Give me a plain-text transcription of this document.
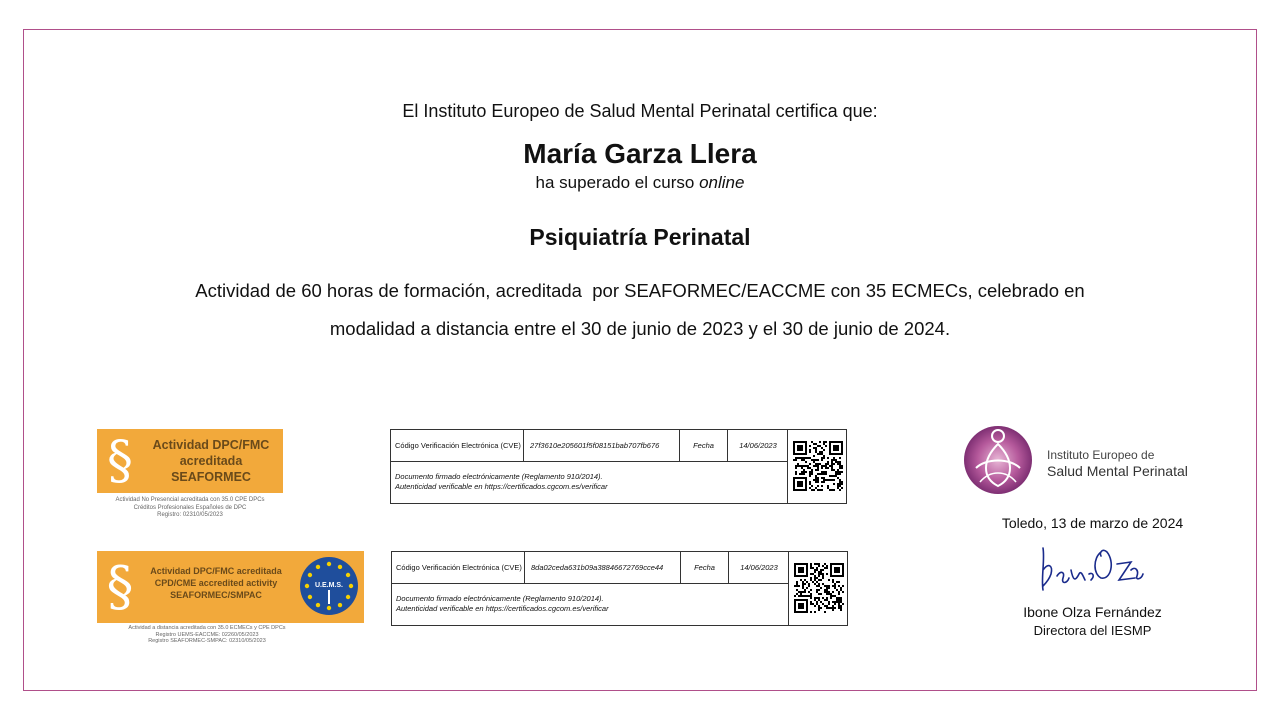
El Instituto Europeo de Salud Mental Perinatal certifica que:
María Garza Llera
ha superado el curso online
Psiquiatría Perinatal
Actividad de 60 horas de formación, acreditada  por SEAFORMEC/EACCME con 35 ECMECs, celebrado en
modalidad a distancia entre el 30 de junio de 2023 y el 30 de junio de 2024.
§	Actividad DPC/FMC
acreditada
SEAFORMEC
Actividad No Presencial acreditada con 35.0 CPE DPCs
Créditos Profesionales Españoles de DPC
Registro: 02310/05/2023
§	Actividad DPC/FMC acreditada
CPD/CME accredited activity
SEAFORMEC/SMPAC
U.E.M.S.
Actividad a distancia acreditada con 35.0 ECMECs y CPE DPCs
Registro UEMS-EACCME: 02260/05/2023
Registro SEAFORMEC-SMPAC: 02310/05/2023
Código Verificación Electrónica (CVE)	27f3610e205601f5f08151bab707fb676	Fecha	14/06/2023
Documento firmado electrónicamente (Reglamento 910/2014).
Autenticidad verificable en https://certificados.cgcom.es/verificar
Código Verificación Electrónica (CVE)	8da02ceda631b09a38846672769cce44	Fecha	14/06/2023
Documento firmado electrónicamente (Reglamento 910/2014).
Autenticidad verificable en https://certificados.cgcom.es/verificar
Instituto Europeo de
Salud Mental Perinatal
Toledo, 13 de marzo de 2024
Ibone Olza Fernández
Directora del IESMP
